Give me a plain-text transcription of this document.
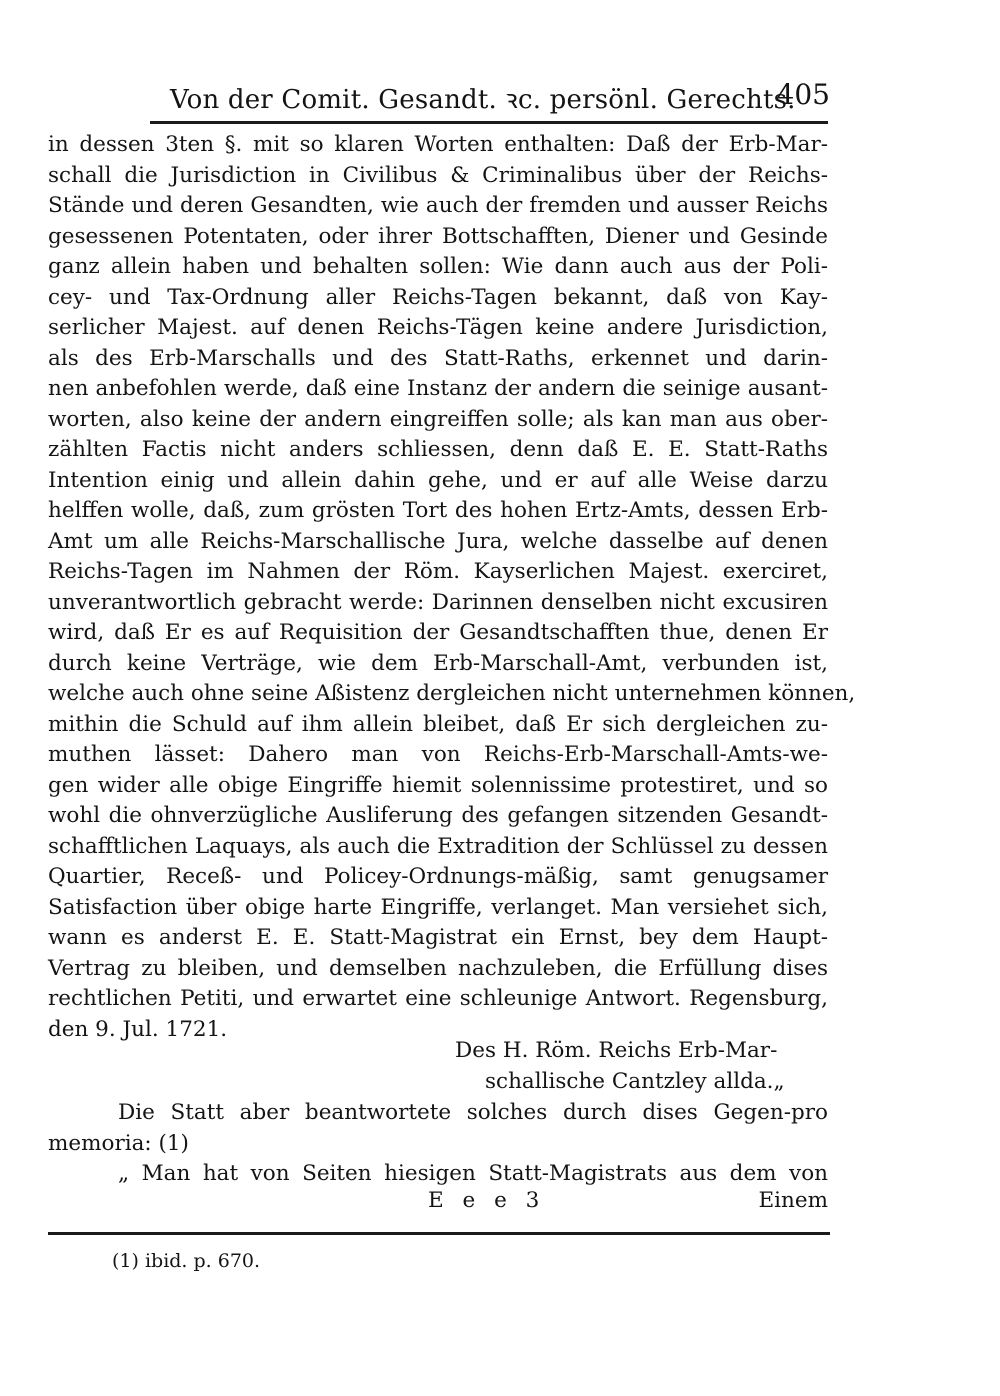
Von der Comit. Gesandt. ꝛc. persönl. Gerechts.
405
in dessen 3ten §. mit so klaren Worten enthalten: Daß der Erb-Mar-
schall die Jurisdiction in Civilibus & Criminalibus über der Reichs-
Stände und deren Gesandten, wie auch der fremden und ausser Reichs
gesessenen Potentaten, oder ihrer Bottschafften, Diener und Gesinde
ganz allein haben und behalten sollen: Wie dann auch aus der Poli-
cey- und Tax-Ordnung aller Reichs-Tagen bekannt, daß von Kay-
serlicher Majest. auf denen Reichs-Tägen keine andere Jurisdiction,
als des Erb-Marschalls und des Statt-Raths, erkennet und darin-
nen anbefohlen werde, daß eine Instanz der andern die seinige ausant-
worten, also keine der andern eingreiffen solle; als kan man aus ober-
zählten Factis nicht anders schliessen, denn daß E. E. Statt-Raths
Intention einig und allein dahin gehe, und er auf alle Weise darzu
helffen wolle, daß, zum grösten Tort des hohen Ertz-Amts, dessen Erb-
Amt um alle Reichs-Marschallische Jura, welche dasselbe auf denen
Reichs-Tagen im Nahmen der Röm. Kayserlichen Majest. exerciret,
unverantwortlich gebracht werde: Darinnen denselben nicht excusiren
wird, daß Er es auf Requisition der Gesandtschafften thue, denen Er
durch keine Verträge, wie dem Erb-Marschall-Amt, verbunden ist,
welche auch ohne seine Aßistenz dergleichen nicht unternehmen können,
mithin die Schuld auf ihm allein bleibet, daß Er sich dergleichen zu-
muthen lässet: Dahero man von Reichs-Erb-Marschall-Amts-we-
gen wider alle obige Eingriffe hiemit solennissime protestiret, und so
wohl die ohnverzügliche Ausliferung des gefangen sitzenden Gesandt-
schafftlichen Laquays, als auch die Extradition der Schlüssel zu dessen
Quartier, Receß- und Policey-Ordnungs-mäßig, samt genugsamer
Satisfaction über obige harte Eingriffe, verlanget. Man versiehet sich,
wann es anderst E. E. Statt-Magistrat ein Ernst, bey dem Haupt-
Vertrag zu bleiben, und demselben nachzuleben, die Erfüllung dises
rechtlichen Petiti, und erwartet eine schleunige Antwort. Regensburg,
den 9. Jul. 1721.
Des H. Röm. Reichs Erb-Mar-
schallische Cantzley allda.„
Die Statt aber beantwortete solches durch dises Gegen-pro
memoria: (1)
„ Man hat von Seiten hiesigen Statt-Magistrats aus dem von
E e e 3	Einem
(1) ibid. p. 670.
